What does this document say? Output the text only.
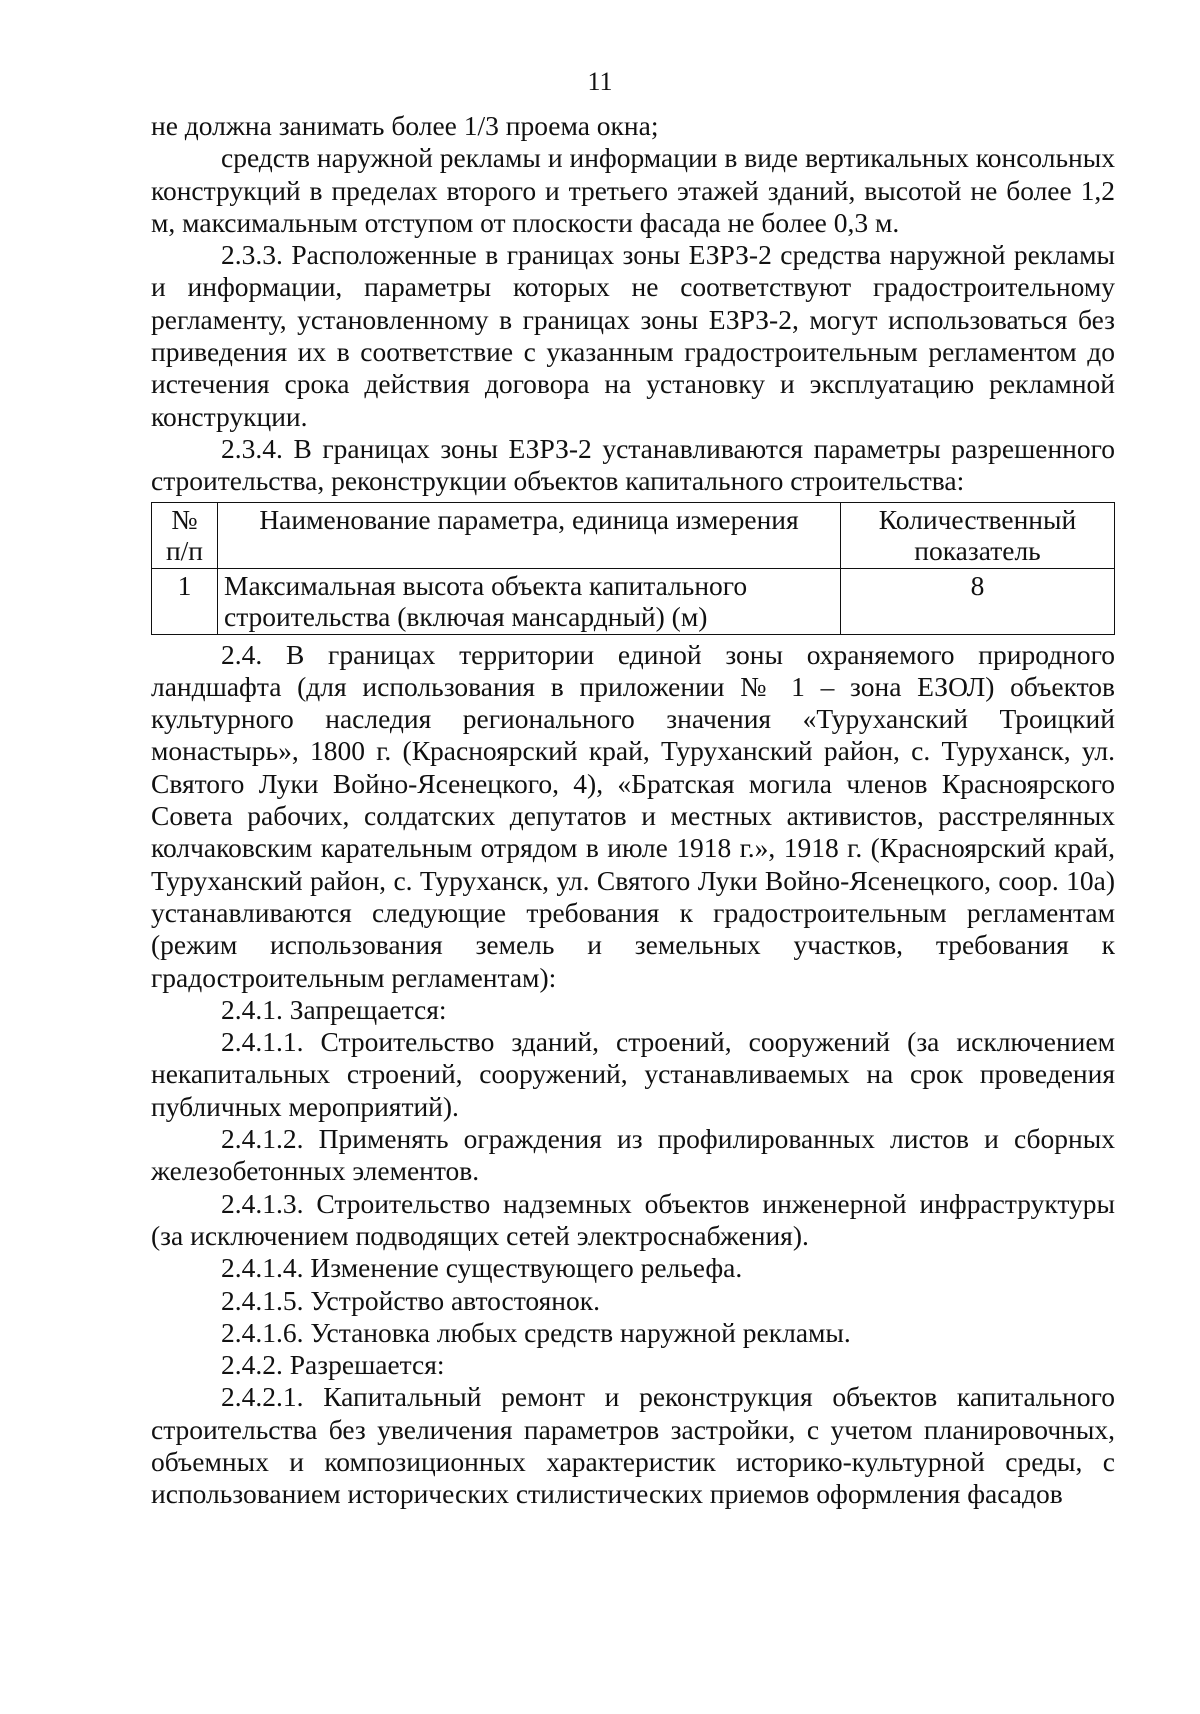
11

не должна занимать более 1/3 проема окна;

средств наружной рекламы и информации в виде вертикальных консольных конструкций в пределах второго и третьего этажей зданий, высотой не более 1,2 м, максимальным отступом от плоскости фасада не более 0,3 м.

2.3.3. Расположенные в границах зоны ЕЗРЗ-2 средства наружной рекламы и информации, параметры которых не соответствуют градостроительному регламенту, установленному в границах зоны ЕЗРЗ-2, могут использоваться без приведения их в соответствие с указанным градостроительным регламентом до истечения срока действия договора на установку и эксплуатацию рекламной конструкции.

2.3.4. В границах зоны ЕЗРЗ-2 устанавливаются параметры разрешенного строительства, реконструкции объектов капитального строительства:

№ п/п	Наименование параметра, единица измерения	Количественный показатель
1	Максимальная высота объекта капитального строительства (включая мансардный) (м)	8

2.4. В границах территории единой зоны охраняемого природного ландшафта (для использования в приложении № 1 – зона ЕЗОЛ) объектов культурного наследия регионального значения «Туруханский Троицкий монастырь», 1800 г. (Красноярский край, Туруханский район, с. Туруханск, ул. Святого Луки Войно-Ясенецкого, 4), «Братская могила членов Красноярского Совета рабочих, солдатских депутатов и местных активистов, расстрелянных колчаковским карательным отрядом в июле 1918 г.», 1918 г. (Красноярский край, Туруханский район, с. Туруханск, ул. Святого Луки Войно-Ясенецкого, соор. 10а) устанавливаются следующие требования к градостроительным регламентам (режим использования земель и земельных участков, требования к градостроительным регламентам):

2.4.1. Запрещается:

2.4.1.1. Строительство зданий, строений, сооружений (за исключением некапитальных строений, сооружений, устанавливаемых на срок проведения публичных мероприятий).

2.4.1.2. Применять ограждения из профилированных листов и сборных железобетонных элементов.

2.4.1.3. Строительство надземных объектов инженерной инфраструктуры (за исключением подводящих сетей электроснабжения).

2.4.1.4. Изменение существующего рельефа.

2.4.1.5. Устройство автостоянок.

2.4.1.6. Установка любых средств наружной рекламы.

2.4.2. Разрешается:

2.4.2.1. Капитальный ремонт и реконструкция объектов капитального строительства без увеличения параметров застройки, с учетом планировочных, объемных и композиционных характеристик историко-культурной среды, с использованием исторических стилистических приемов оформления фасадов
